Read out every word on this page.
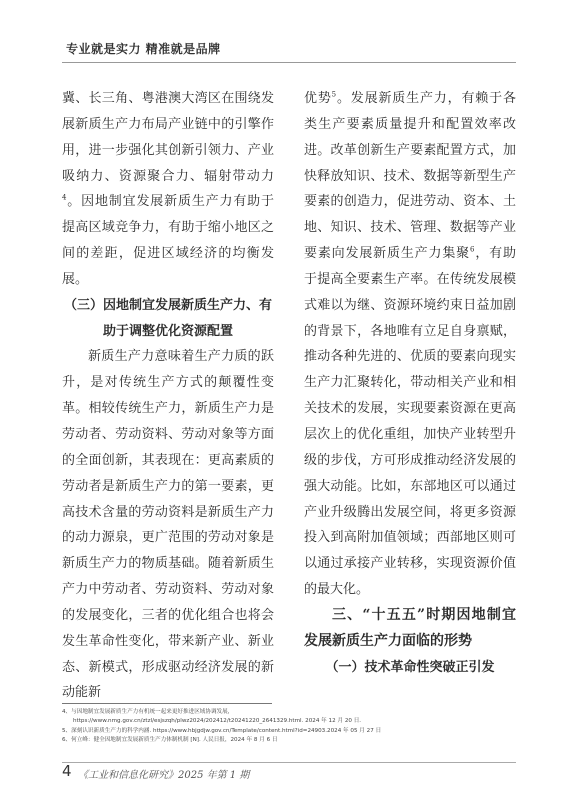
专业就是实力 精准就是品牌

冀、长三角、粤港澳大湾区在围绕发展新质生产力布局产业链中的引擎作用，进一步强化其创新引领力、产业吸纳力、资源聚合力、辐射带动力$^4$。因地制宜发展新质生产力有助于提高区域竞争力，有助于缩小地区之间的差距，促进区域经济的均衡发展。

（三）因地制宜发展新质生产力、有助于调整优化资源配置

新质生产力意味着生产力质的跃升，是对传统生产方式的颠覆性变革。相较传统生产力，新质生产力是劳动者、劳动资料、劳动对象等方面的全面创新，其表现在：更高素质的劳动者是新质生产力的第一要素，更高技术含量的劳动资料是新质生产力的动力源泉，更广范围的劳动对象是新质生产力的物质基础。随着新质生产力中劳动者、劳动资料、劳动对象的发展变化，三者的优化组合也将会发生革命性变化，带来新产业、新业态、新模式，形成驱动经济发展的新动能新

优势$^5$。发展新质生产力，有赖于各类生产要素质量提升和配置效率改进。改革创新生产要素配置方式，加快释放知识、技术、数据等新型生产要素的创造力，促进劳动、资本、土地、知识、技术、管理、数据等产业要素向发展新质生产力集聚$^6$，有助于提高全要素生产率。在传统发展模式难以为继、资源环境约束日益加剧的背景下，各地唯有立足自身禀赋，推动各种先进的、优质的要素向现实生产力汇聚转化，带动相关产业和相关技术的发展，实现要素资源在更高层次上的优化重组，加快产业转型升级的步伐，方可形成推动经济发展的强大动能。比如，东部地区可以通过产业升级腾出发展空间，将更多资源投入到高附加值领域；西部地区则可以通过承接产业转移，实现资源价值的最大化。

三、“十五五”时期因地制宜发展新质生产力面临的形势

（一）技术革命性突破正引发

4、与因地制宜发展新质生产力有机统一起来更好推进区域协调发展，

https://www.nmg.gov.cn/ztzl/esjszqh/plwz2024/202412/t20241220_2641329.html. 2024 年 12 月 20 日．

5、深刻认识新质生产力的科学内涵. https://www.hbjgdjw.gov.cn/Template/content.html?id=24903.2024 年 05 月 27 日

6、何立峰：健全因地制宜发展新质生产力体制机制 [N]. 人民日报，2024 年 8 月 6 日

4 《工业和信息化研究》2025 年第 1 期
